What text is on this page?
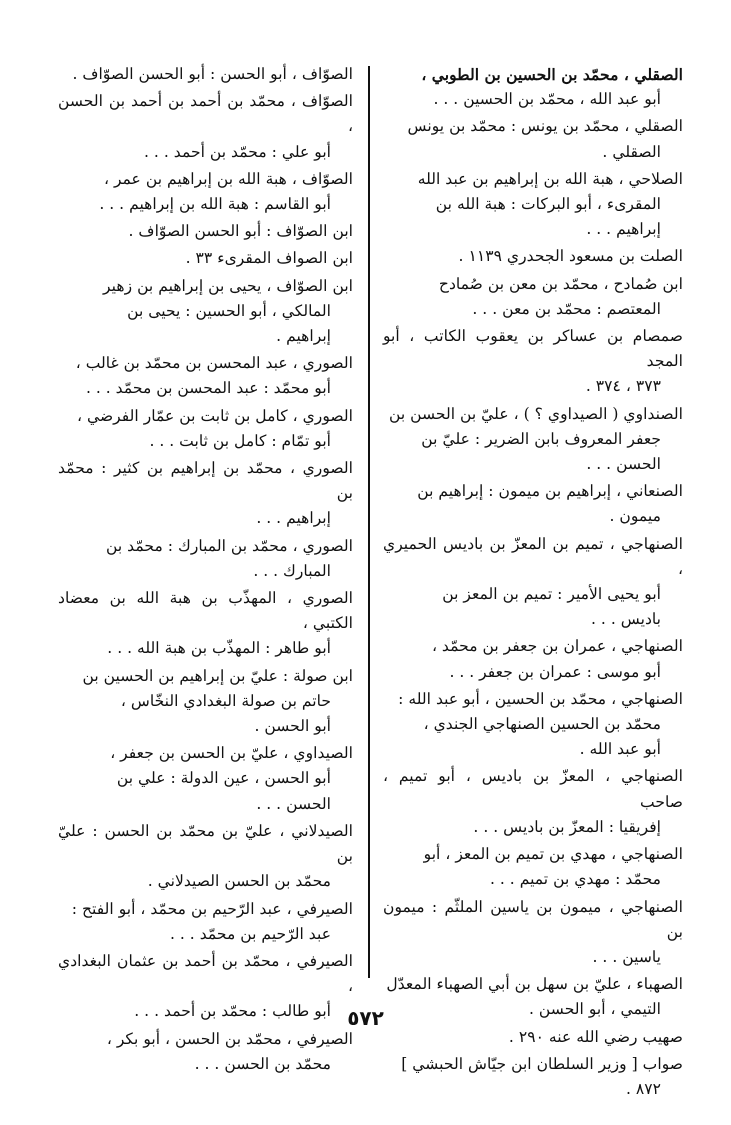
الصقلي ، محمّد بن الحسين بن الطوبي ،
أبو عبد الله ، محمّد بن الحسين . . .
الصقلي ، محمّد بن يونس : محمّد بن يونس
الصقلي .
الصلاحي ، هبة الله بن إبراهيم بن عبد الله
المقرىء ، أبو البركات : هبة الله بن
إبراهيم . . .
الصلت بن مسعود الجحدري ١١٣٩ .
ابن صُمادح ، محمّد بن معن بن صُمادح
المعتصم : محمّد بن معن . . .
صمصام بن عساكر بن يعقوب الكاتب ، أبو المجد
٣٧٣ ، ٣٧٤ .
الصنداوي ( الصيداوي ؟ ) ، عليّ بن الحسن بن
جعفر المعروف بابن الضرير : عليّ بن
الحسن . . .
الصنعاني ، إبراهيم بن ميمون : إبراهيم بن
ميمون .
الصنهاجي ، تميم بن المعزّ بن باديس الحميري ،
أبو يحيى الأمير : تميم بن المعز بن
باديس . . .
الصنهاجي ، عمران بن جعفر بن محمّد ،
أبو موسى : عمران بن جعفر . . .
الصنهاجي ، محمّد بن الحسين ، أبو عبد الله :
محمّد بن الحسين الصنهاجي الجندي ،
أبو عبد الله .
الصنهاجي ، المعزّ بن باديس ، أبو تميم ، صاحب
إفريقيا : المعزّ بن باديس . . .
الصنهاجي ، مهدي بن تميم بن المعز ، أبو
محمّد : مهدي بن تميم . . .
الصنهاجي ، ميمون بن ياسين الملثّم : ميمون بن
ياسين . . .
الصهباء ، عليّ بن سهل بن أبي الصهباء المعدّل
التيمي ، أبو الحسن .
صهيب رضي الله عنه ٢٩٠ .
صواب [ وزير السلطان ابن جيّاش الحبشي ]
٨٧٢ .
الصوّاف ، أبو الحسن : أبو الحسن الصوّاف .
الصوّاف ، محمّد بن أحمد بن أحمد بن الحسن ،
أبو علي : محمّد بن أحمد . . .
الصوّاف ، هبة الله بن إبراهيم بن عمر ،
أبو القاسم : هبة الله بن إبراهيم . . .
ابن الصوّاف : أبو الحسن الصوّاف .
ابن الصواف المقرىء ٣٣ .
ابن الصوّاف ، يحيى بن إبراهيم بن زهير
المالكي ، أبو الحسين : يحيى بن
إبراهيم .
الصوري ، عبد المحسن بن محمّد بن غالب ،
أبو محمّد : عبد المحسن بن محمّد . . .
الصوري ، كامل بن ثابت بن عمّار الفرضي ،
أبو تمّام : كامل بن ثابت . . .
الصوري ، محمّد بن إبراهيم بن كثير : محمّد بن
إبراهيم . . .
الصوري ، محمّد بن المبارك : محمّد بن
المبارك . . .
الصوري ، المهذّب بن هبة الله بن معضاد الكتبي ،
أبو طاهر : المهذّب بن هبة الله . . .
ابن صولة : عليّ بن إبراهيم بن الحسين بن
حاتم بن صولة البغدادي النخّاس ،
أبو الحسن .
الصيداوي ، عليّ بن الحسن بن جعفر ،
أبو الحسن ، عين الدولة : علي بن
الحسن . . .
الصيدلاني ، عليّ بن محمّد بن الحسن : عليّ بن
محمّد بن الحسن الصيدلاني .
الصيرفي ، عبد الرّحيم بن محمّد ، أبو الفتح :
عبد الرّحيم بن محمّد . . .
الصيرفي ، محمّد بن أحمد بن عثمان البغدادي ،
أبو طالب : محمّد بن أحمد . . .
الصيرفي ، محمّد بن الحسن ، أبو بكر ،
محمّد بن الحسن . . .
٥٧٢
